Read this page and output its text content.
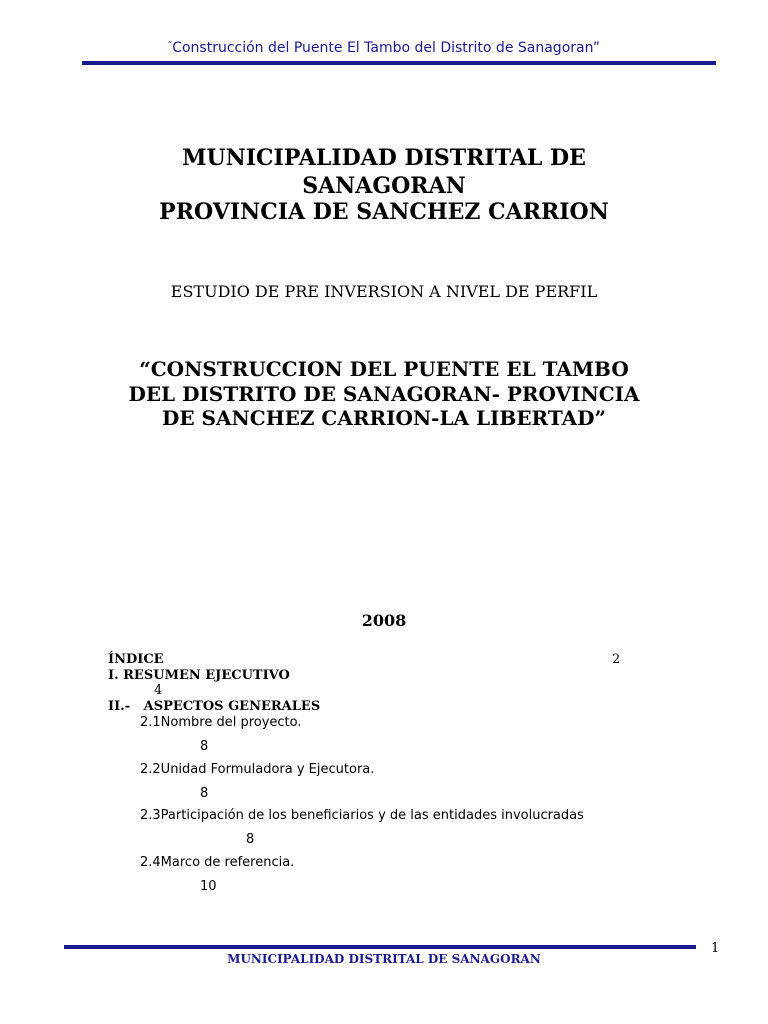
“Construcción del Puente El Tambo del Distrito de Sanagoran”
MUNICIPALIDAD DISTRITAL DE
SANAGORAN
PROVINCIA DE SANCHEZ CARRION
ESTUDIO DE PRE INVERSION A NIVEL DE PERFIL
“CONSTRUCCION DEL PUENTE EL TAMBO
DEL DISTRITO DE SANAGORAN- PROVINCIA
DE SANCHEZ CARRION-LA LIBERTAD”
2008
ÍNDICE	2
I. RESUMEN EJECUTIVO
4
II.-   ASPECTOS GENERALES
2.1Nombre del proyecto.
8
2.2Unidad Formuladora y Ejecutora.
8
2.3Participación de los beneficiarios y de las entidades involucradas
8
2.4Marco de referencia.
10
1
MUNICIPALIDAD DISTRITAL DE SANAGORAN
